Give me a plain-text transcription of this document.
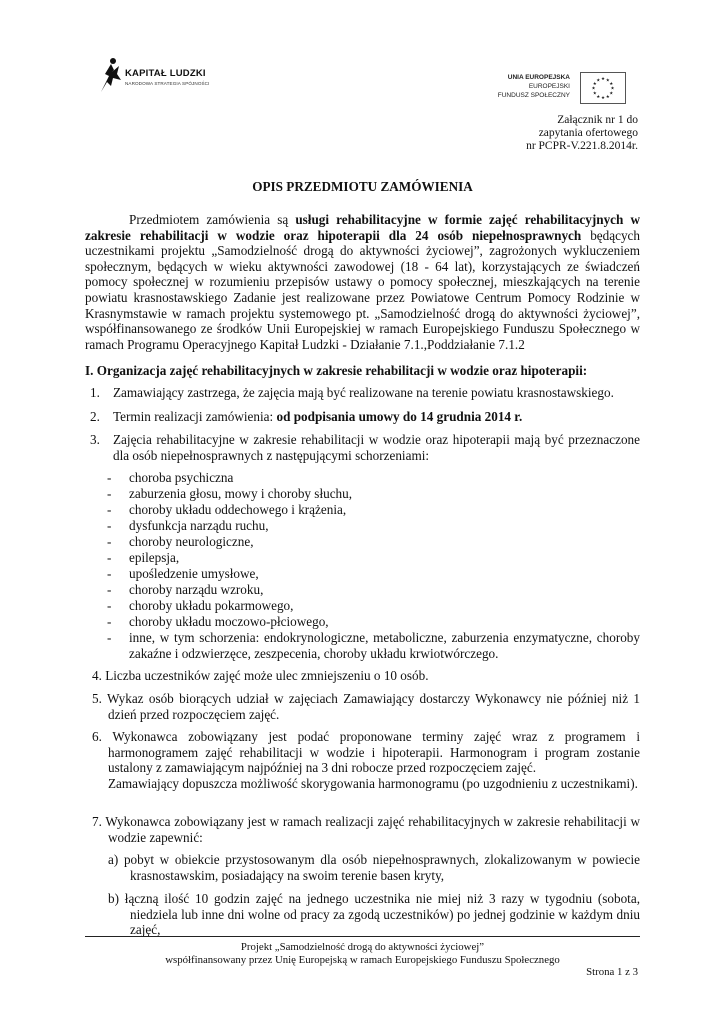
KAPITAŁ LUDZKI
NARODOWA STRATEGIA SPÓJNOŚCI
UNIA EUROPEJSKA
EUROPEJSKI
FUNDUSZ SPOŁECZNY
★
★
★
★
★
★
★
★
★ ★ ★
★
Załącznik nr 1 do
zapytania ofertowego
nr PCPR-V.221.8.2014r.
OPIS PRZEDMIOTU ZAMÓWIENIA
Przedmiotem zamówienia są usługi rehabilitacyjne w formie zajęć rehabilitacyjnych w zakresie rehabilitacji w wodzie oraz hipoterapii dla 24 osób niepełnosprawnych będących uczestnikami projektu „Samodzielność drogą do aktywności życiowej”, zagrożonych wykluczeniem społecznym, będących w wieku aktywności zawodowej (18 - 64 lat), korzystających ze świadczeń pomocy społecznej w rozumieniu przepisów ustawy o pomocy społecznej, mieszkających na terenie powiatu krasnostawskiego Zadanie jest realizowane przez Powiatowe Centrum Pomocy Rodzinie w Krasnymstawie w ramach projektu systemowego pt. „Samodzielność drogą do aktywności życiowej”, współfinansowanego ze środków Unii Europejskiej w ramach Europejskiego Funduszu Społecznego w ramach Programu Operacyjnego Kapitał Ludzki - Działanie 7.1.,Poddziałanie 7.1.2
I. Organizacja zajęć rehabilitacyjnych w zakresie rehabilitacji w wodzie oraz hipoterapii:
1. Zamawiający zastrzega, że zajęcia mają być realizowane na terenie powiatu krasnostawskiego.
2. Termin realizacji zamówienia: od podpisania umowy do 14 grudnia 2014 r.
3. Zajęcia rehabilitacyjne w zakresie rehabilitacji w wodzie oraz hipoterapii mają być przeznaczone dla osób niepełnosprawnych z następującymi schorzeniami:
- choroba psychiczna
- zaburzenia głosu, mowy i choroby słuchu,
- choroby układu oddechowego i krążenia,
- dysfunkcja narządu ruchu,
- choroby neurologiczne,
- epilepsja,
- upośledzenie umysłowe,
- choroby narządu wzroku,
- choroby układu pokarmowego,
- choroby układu moczowo-płciowego,
- inne, w tym schorzenia: endokrynologiczne, metaboliczne, zaburzenia enzymatyczne, choroby zakaźne i odzwierzęce, zeszpecenia, choroby układu krwiotwórczego.
4. Liczba uczestników zajęć może ulec zmniejszeniu o 10 osób.
5. Wykaz osób biorących udział w zajęciach Zamawiający dostarczy Wykonawcy nie później niż 1 dzień przed rozpoczęciem zajęć.
6. Wykonawca zobowiązany jest podać proponowane terminy zajęć wraz z programem i harmonogramem zajęć rehabilitacji w wodzie i hipoterapii. Harmonogram i program zostanie ustalony z zamawiającym najpóźniej na 3 dni robocze przed rozpoczęciem zajęć.
Zamawiający dopuszcza możliwość skorygowania harmonogramu (po uzgodnieniu z uczestnikami).
7. Wykonawca zobowiązany jest w ramach realizacji zajęć rehabilitacyjnych w zakresie rehabilitacji w wodzie zapewnić:
a) pobyt w obiekcie przystosowanym dla osób niepełnosprawnych, zlokalizowanym w powiecie krasnostawskim, posiadający na swoim terenie basen kryty,
b) łączną ilość 10 godzin zajęć na jednego uczestnika nie miej niż 3 razy w tygodniu (sobota, niedziela lub inne dni wolne od pracy za zgodą uczestników) po jednej godzinie w każdym dniu zajęć,
Projekt „Samodzielność drogą do aktywności życiowej”
współfinansowany przez Unię Europejską w ramach Europejskiego Funduszu Społecznego
Strona 1 z 3
